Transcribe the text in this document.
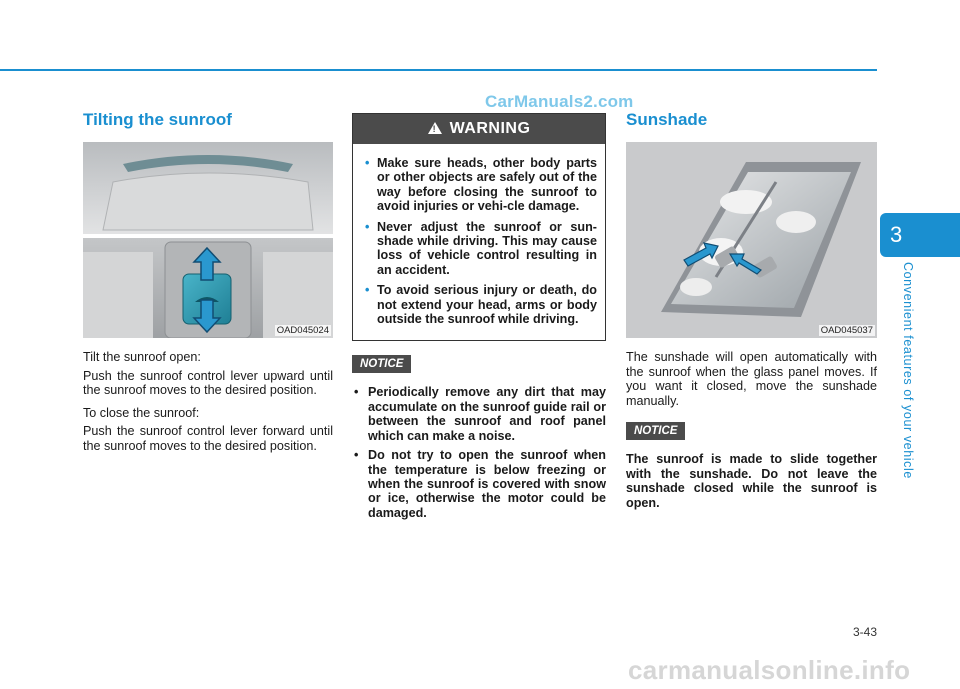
CarManuals2.com
Tilting the sunroof
OAD045024

Tilt the sunroof open:

Push the sunroof control lever upward until the sunroof moves to the desired position.

To close the sunroof:

Push the sunroof control lever forward until the sunroof moves to the desired position.

!
WARNING
• Make sure heads, other body parts or other objects are safely out of the way before closing the sunroof to avoid injuries or vehi-cle damage.
• Never adjust the sunroof or sun-shade while driving. This may cause loss of vehicle control resulting in an accident.
• To avoid serious injury or death, do not extend your head, arms or body outside the sunroof while driving.
NOTICE
• Periodically remove any dirt that may accumulate on the sunroof guide rail or between the sunroof and roof panel which can make a noise.
• Do not try to open the sunroof when the temperature is below freezing or when the sunroof is covered with snow or ice, otherwise the motor could be damaged.
Sunshade
OAD045037

The sunshade will open automatically with the sunroof when the glass panel moves. If you want it closed, move the sunshade manually.

NOTICE

The sunroof is made to slide together with the sunshade. Do not leave the sunshade closed while the sunroof is open.

3
Convenient features of your vehicle
3-43
carmanualsonline.info
